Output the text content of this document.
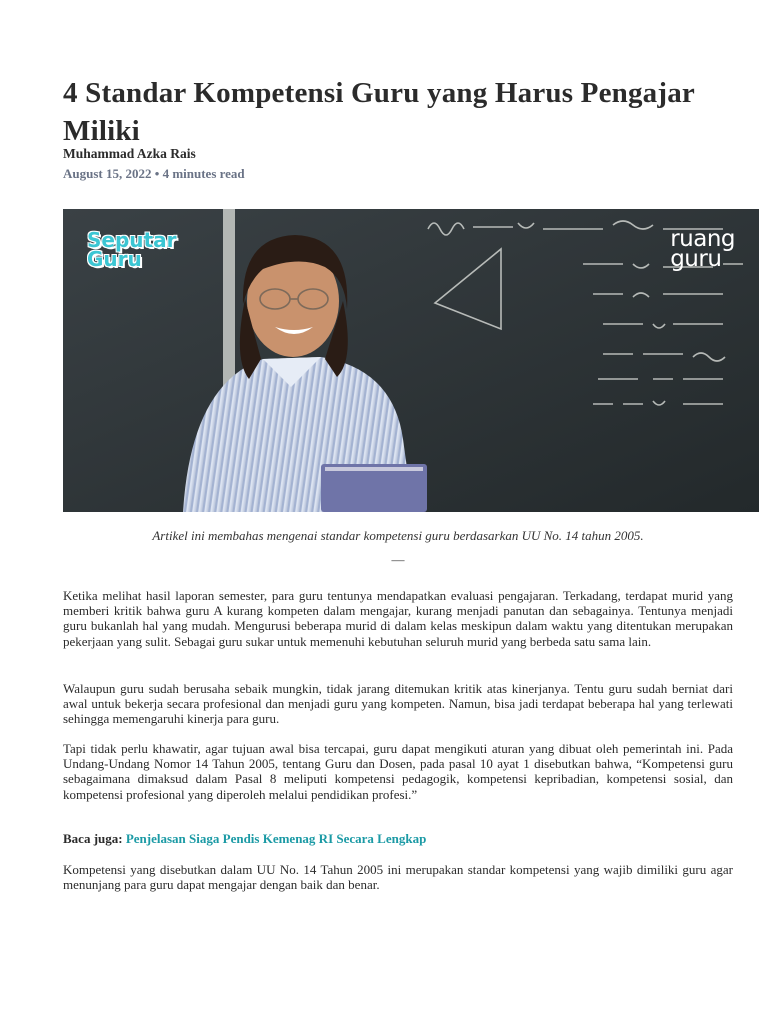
4 Standar Kompetensi Guru yang Harus Pengajar Miliki
Muhammad Azka Rais
August 15, 2022 • 4 minutes read
Seputar
Guru
ruang
guru
Artikel ini membahas mengenai standar kompetensi guru berdasarkan UU No. 14 tahun 2005.
—

Ketika melihat hasil laporan semester, para guru tentunya mendapatkan evaluasi pengajaran. Terkadang, terdapat murid yang memberi kritik bahwa guru A kurang kompeten dalam mengajar, kurang menjadi panutan dan sebagainya. Tentunya menjadi guru bukanlah hal yang mudah. Mengurusi beberapa murid di dalam kelas meskipun dalam waktu yang ditentukan merupakan pekerjaan yang sulit. Sebagai guru sukar untuk memenuhi kebutuhan seluruh murid yang berbeda satu sama lain.

Walaupun guru sudah berusaha sebaik mungkin, tidak jarang ditemukan kritik atas kinerjanya. Tentu guru sudah berniat dari awal untuk bekerja secara profesional dan menjadi guru yang kompeten. Namun, bisa jadi terdapat beberapa hal yang terlewati sehingga memengaruhi kinerja para guru.

Tapi tidak perlu khawatir, agar tujuan awal bisa tercapai, guru dapat mengikuti aturan yang dibuat oleh pemerintah ini. Pada Undang-Undang Nomor 14 Tahun 2005, tentang Guru dan Dosen, pada pasal 10 ayat 1 disebutkan bahwa, “Kompetensi guru sebagaimana dimaksud dalam Pasal 8 meliputi kompetensi pedagogik, kompetensi kepribadian, kompetensi sosial, dan kompetensi profesional yang diperoleh melalui pendidikan profesi.”

Baca juga: Penjelasan Siaga Pendis Kemenag RI Secara Lengkap

Kompetensi yang disebutkan dalam UU No. 14 Tahun 2005 ini merupakan standar kompetensi yang wajib dimiliki guru agar menunjang para guru dapat mengajar dengan baik dan benar.
